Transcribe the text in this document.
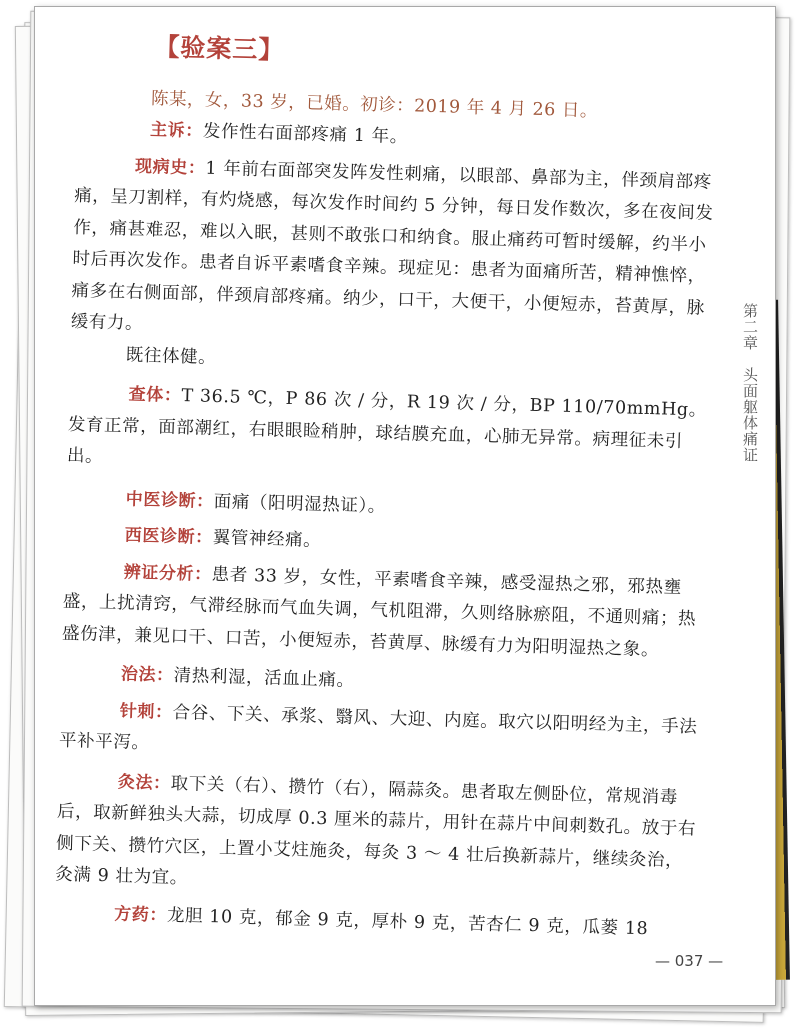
【验案三】
陈某，女，33 岁，已婚。初诊：2019 年 4 月 26 日。
主诉：发作性右面部疼痛 1 年。
现病史：1 年前右面部突发阵发性刺痛，以眼部、鼻部为主，伴颈肩部疼痛，呈刀割样，有灼烧感，每次发作时间约 5 分钟，每日发作数次，多在夜间发作，痛甚难忍，难以入眠，甚则不敢张口和纳食。服止痛药可暂时缓解，约半小时后再次发作。患者自诉平素嗜食辛辣。现症见：患者为面痛所苦，精神憔悴，痛多在右侧面部，伴颈肩部疼痛。纳少，口干，大便干，小便短赤，苔黄厚，脉缓有力。
既往体健。
查体：T 36.5 ℃，P 86 次 / 分，R 19 次 / 分，BP 110/70mmHg。发育正常，面部潮红，右眼眼睑稍肿，球结膜充血，心肺无异常。病理征未引出。
中医诊断：面痛（阳明湿热证）。
西医诊断：翼管神经痛。
辨证分析：患者 33 岁，女性，平素嗜食辛辣，感受湿热之邪，邪热壅盛，上扰清窍，气滞经脉而气血失调，气机阻滞，久则络脉瘀阻，不通则痛；热盛伤津，兼见口干、口苦，小便短赤，苔黄厚、脉缓有力为阳明湿热之象。
治法：清热利湿，活血止痛。
针刺：合谷、下关、承浆、翳风、大迎、内庭。取穴以阳明经为主，手法平补平泻。
灸法：取下关（右）、攒竹（右），隔蒜灸。患者取左侧卧位，常规消毒后，取新鲜独头大蒜，切成厚 0.3 厘米的蒜片，用针在蒜片中间刺数孔。放于右侧下关、攒竹穴区，上置小艾炷施灸，每灸 3 ～ 4 壮后换新蒜片，继续灸治，灸满 9 壮为宜。
方药：龙胆 10 克，郁金 9 克，厚朴 9 克，苦杏仁 9 克，瓜蒌 18
第二章　头面躯体痛证
— 037 —
